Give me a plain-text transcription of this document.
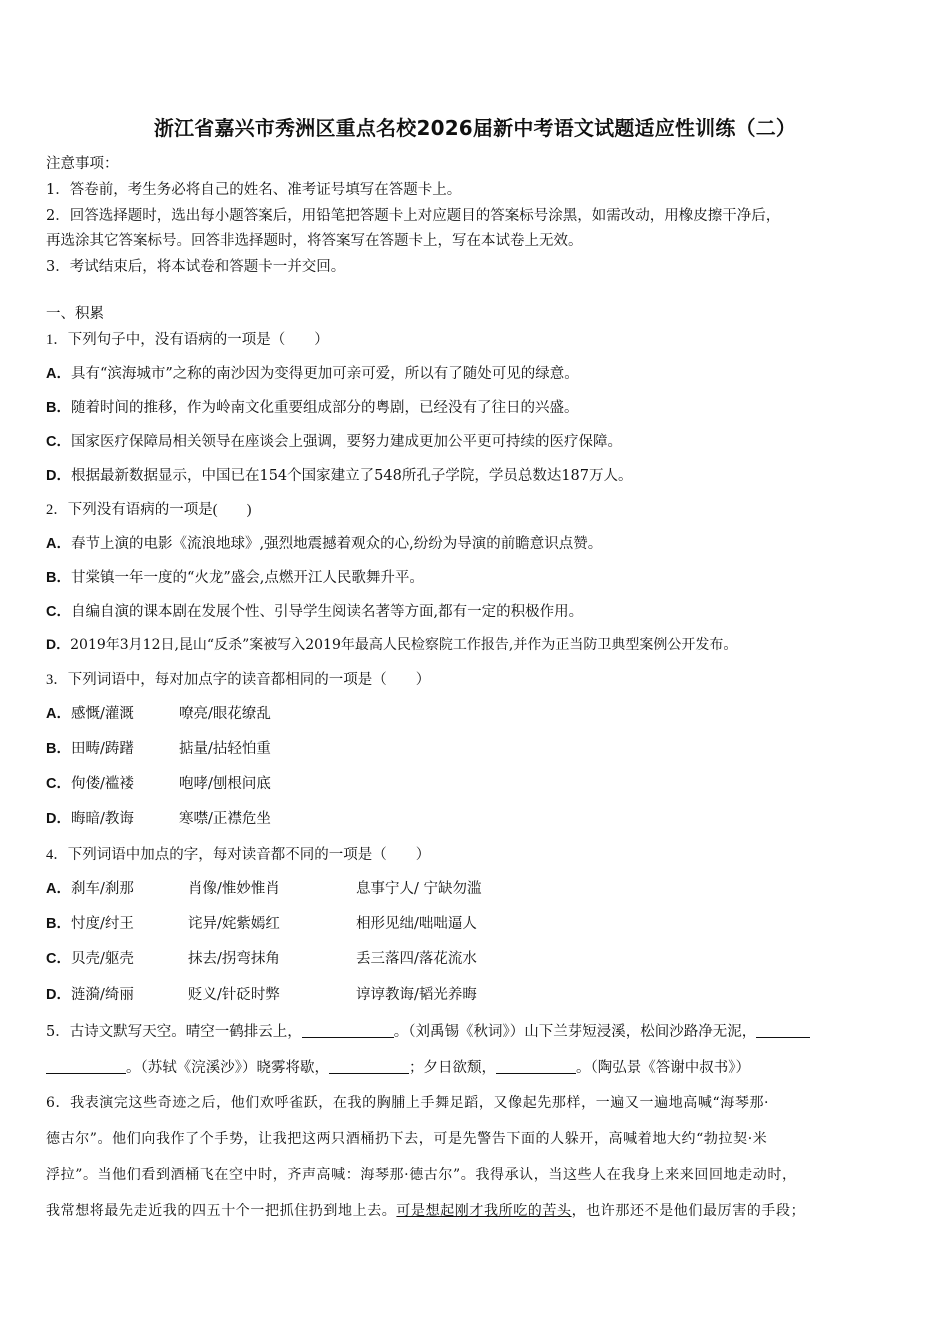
浙江省嘉兴市秀洲区重点名校2026届新中考语文试题适应性训练（二）
注意事项：
1．答卷前，考生务必将自己的姓名、准考证号填写在答题卡上。
2．回答选择题时，选出每小题答案后，用铅笔把答题卡上对应题目的答案标号涂黑，如需改动，用橡皮擦干净后，
再选涂其它答案标号。回答非选择题时，将答案写在答题卡上，写在本试卷上无效。
3．考试结束后，将本试卷和答题卡一并交回。
一、积累
1．下列句子中，没有语病的一项是（　　）
A．具有“滨海城市”之称的南沙因为变得更加可亲可爱，所以有了随处可见的绿意。
B．随着时间的推移，作为岭南文化重要组成部分的粤剧，已经没有了往日的兴盛。
C．国家医疗保障局相关领导在座谈会上强调，要努力建成更加公平更可持续的医疗保障。
D．根据最新数据显示，中国已在154个国家建立了548所孔子学院，学员总数达187万人。
2．下列没有语病的一项是(　　)
A．春节上演的电影《流浪地球》,强烈地震撼着观众的心,纷纷为导演的前瞻意识点赞。
B．甘棠镇一年一度的“火龙”盛会,点燃开江人民歌舞升平。
C．自编自演的课本剧在发展个性、引导学生阅读名著等方面,都有一定的积极作用。
D．2019年3月12日,昆山“反杀”案被写入2019年最高人民检察院工作报告,并作为正当防卫典型案例公开发布。
3．下列词语中，每对加点字的读音都相同的一项是（　　）
A．感慨/灌溉	嘹亮/眼花缭乱
B．田畴/踌躇	掂量/拈轻怕重
C．佝偻/褴褛	咆哮/刨根问底
D．晦暗/教诲	寒噤/正襟危坐
4．下列词语中加点的字，每对读音都不同的一项是（　　）
A．刹车/刹那	肖像/惟妙惟肖	息事宁人/ 宁缺勿滥
B．忖度/纣王	诧异/姹紫嫣红	相形见绌/咄咄逼人
C．贝壳/躯壳	抹去/拐弯抹角	丢三落四/落花流水
D．涟漪/绮丽	贬义/针砭时弊	谆谆教诲/韬光养晦
5．古诗文默写天空。晴空一鹤排云上，	。（刘禹锡《秋词》）山下兰芽短浸溪，松间沙路净无泥，
。（苏轼《浣溪沙》）晓雾将歇，	；夕日欲颓，	。（陶弘景《答谢中叔书》）
6．我表演完这些奇迹之后，他们欢呼雀跃，在我的胸脯上手舞足蹈，又像起先那样，一遍又一遍地高喊“海琴那·
德古尔”。他们向我作了个手势，让我把这两只酒桶扔下去，可是先警告下面的人躲开，高喊着地大约“勃拉契·米
浮拉”。当他们看到酒桶飞在空中时，齐声高喊：海琴那·德古尔”。我得承认，当这些人在我身上来来回回地走动时，
我常想将最先走近我的四五十个一把抓住扔到地上去。可是想起刚才我所吃的苦头，也许那还不是他们最厉害的手段；
